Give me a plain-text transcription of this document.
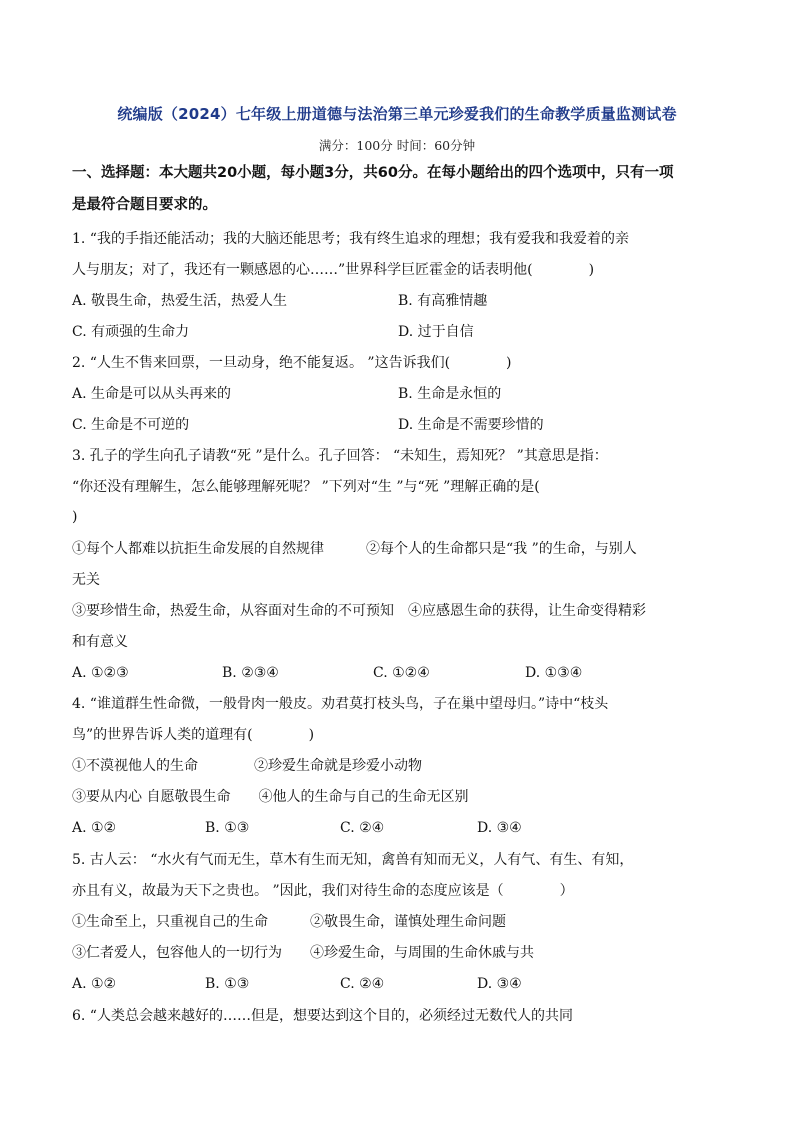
统编版（2024）七年级上册道德与法治第三单元珍爱我们的生命教学质量监测试卷
满分：100分 时间：60分钟
一、选择题：本大题共20小题，每小题3分，共60分。在每小题给出的四个选项中，只有一项
是最符合题目要求的。
1. “我的手指还能活动；我的大脑还能思考；我有终生追求的理想；我有爱我和我爱着的亲
人与朋友；对了，我还有一颗感恩的心……”世界科学巨匠霍金的话表明他(　　　　)
A. 敬畏生命，热爱生活，热爱人生	B. 有高雅情趣
C. 有顽强的生命力	D. 过于自信
2. “人生不售来回票，一旦动身，绝不能复返。 ”这告诉我们(　　　　)
A. 生命是可以从头再来的	B. 生命是永恒的
C. 生命是不可逆的	D. 生命是不需要珍惜的
3. 孔子的学生向孔子请教“死 ”是什么。孔子回答： “未知生，焉知死？ ”其意思是指：
“你还没有理解生，怎么能够理解死呢？ ”下列对“生 ”与“死 ”理解正确的是(
)
①每个人都难以抗拒生命发展的自然规律　　　②每个人的生命都只是“我 ”的生命，与别人
无关
③要珍惜生命，热爱生命，从容面对生命的不可预知　④应感恩生命的获得，让生命变得精彩
和有意义
A. ①②③	B. ②③④	C. ①②④	D. ①③④
4. “谁道群生性命微，一般骨肉一般皮。劝君莫打枝头鸟，子在巢中望母归。”诗中“枝头
鸟”的世界告诉人类的道理有(　　　　)
①不漠视他人的生命　　　　②珍爱生命就是珍爱小动物
③要从内心 自愿敬畏生命　　④他人的生命与自己的生命无区别
A. ①②	B. ①③	C. ②④	D. ③④
5. 古人云： “水火有气而无生，草木有生而无知，禽兽有知而无义，人有气、有生、有知，
亦且有义，故最为天下之贵也。 ”因此，我们对待生命的态度应该是（　　　　）
①生命至上，只重视自己的生命　　　②敬畏生命，谨慎处理生命问题
③仁者爱人，包容他人的一切行为　　④珍爱生命，与周围的生命休戚与共
A. ①②	B. ①③	C. ②④	D. ③④
6. “人类总会越来越好的……但是，想要达到这个目的，必须经过无数代人的共同
